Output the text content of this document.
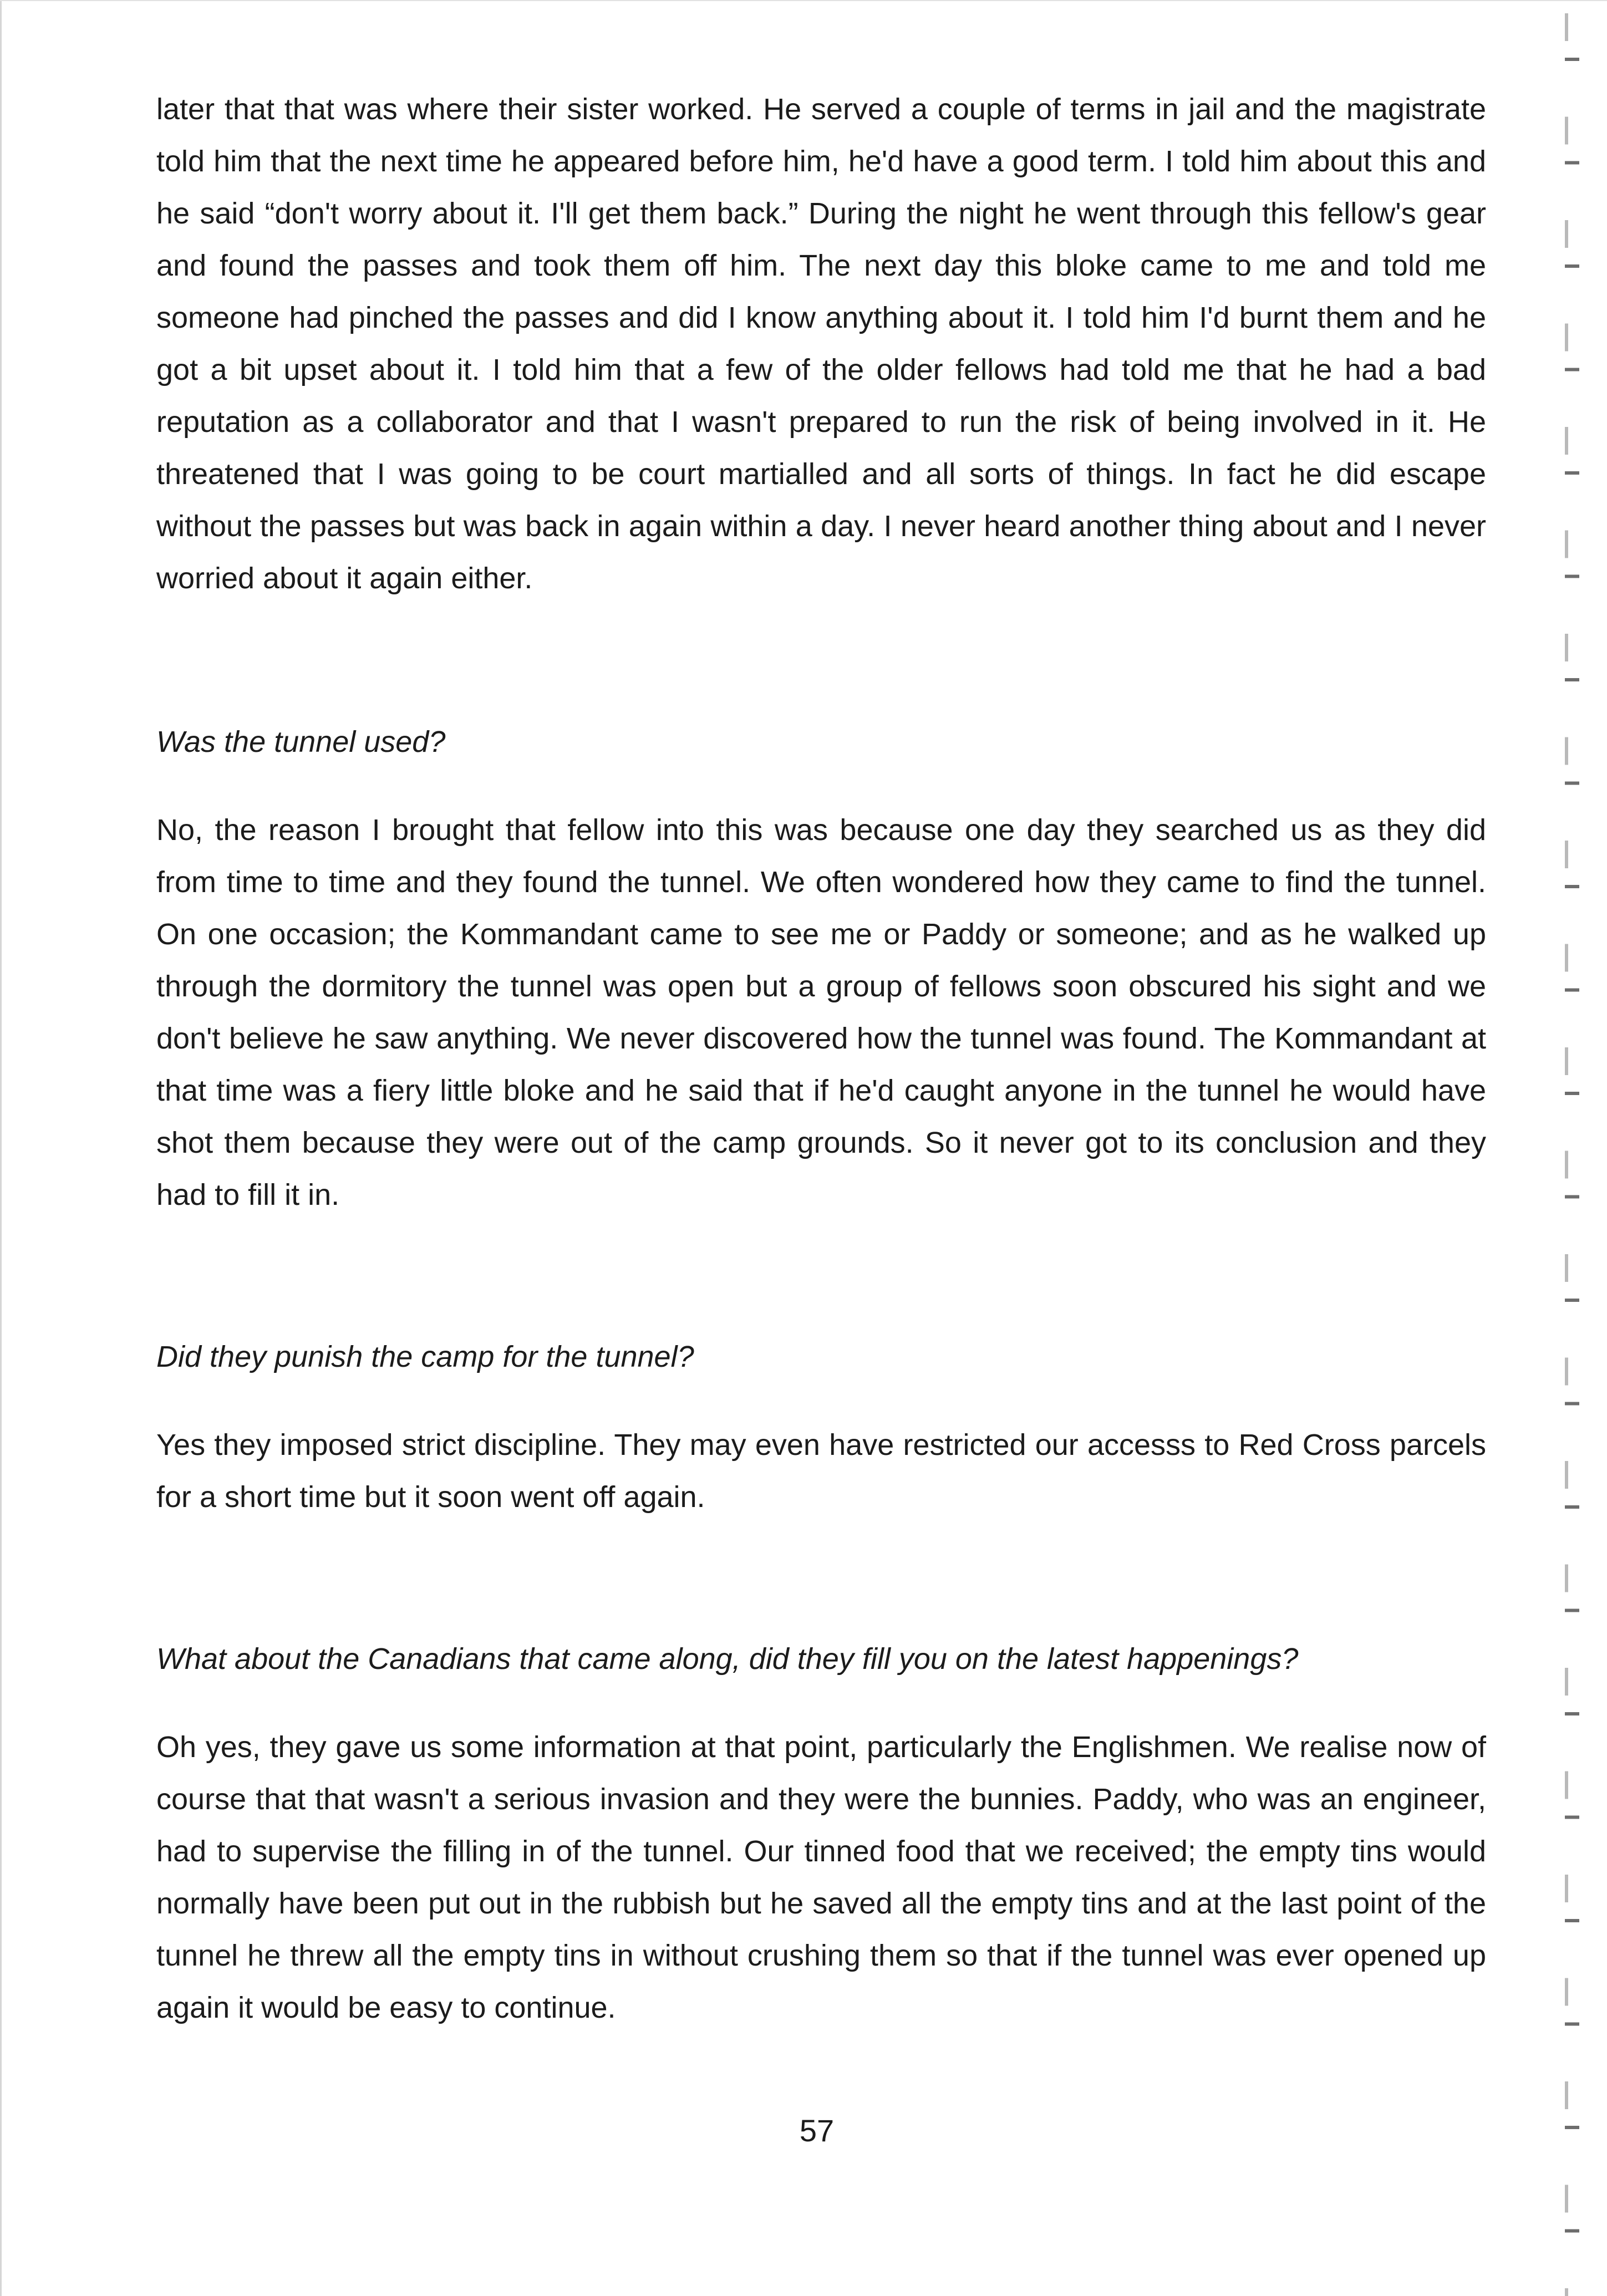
later that that was where their sister worked. He served a couple of terms in jail and the magistrate told him that the next time he appeared before him, he'd have a good term. I told him about this and he said “don't worry about it. I'll get them back.” During the night he went through this fellow's gear and found the passes and took them off him. The next day this bloke came to me and told me someone had pinched the passes and did I know anything about it. I told him I'd burnt them and he got a bit upset about it. I told him that a few of the older fellows had told me that he had a bad reputation as a collaborator and that I wasn't prepared to run the risk of being involved in it. He threatened that I was going to be court martialled and all sorts of things. In fact he did escape without the passes but was back in again within a day. I never heard another thing about and I never worried about it again either.

Was the tunnel used?

No, the reason I brought that fellow into this was because one day they searched us as they did from time to time and they found the tunnel. We often wondered how they came to find the tunnel. On one occasion; the Kommandant came to see me or Paddy or someone; and as he walked up through the dormitory the tunnel was open but a group of fellows soon obscured his sight and we don't believe he saw anything. We never discovered how the tunnel was found. The Kommandant at that time was a fiery little bloke and he said that if he'd caught anyone in the tunnel he would have shot them because they were out of the camp grounds. So it never got to its conclusion and they had to fill it in.

Did they punish the camp for the tunnel?

Yes they imposed strict discipline. They may even have restricted our accesss to Red Cross parcels for a short time but it soon went off again.

What about the Canadians that came along, did they fill you on the latest happenings?

Oh yes, they gave us some information at that point, particularly the Englishmen. We realise now of course that that wasn't a serious invasion and they were the bunnies. Paddy, who was an engineer, had to supervise the filling in of the tunnel. Our tinned food that we received; the empty tins would normally have been put out in the rubbish but he saved all the empty tins and at the last point of the tunnel he threw all the empty tins in without crushing them so that if the tunnel was ever opened up again it would be easy to continue.

57
